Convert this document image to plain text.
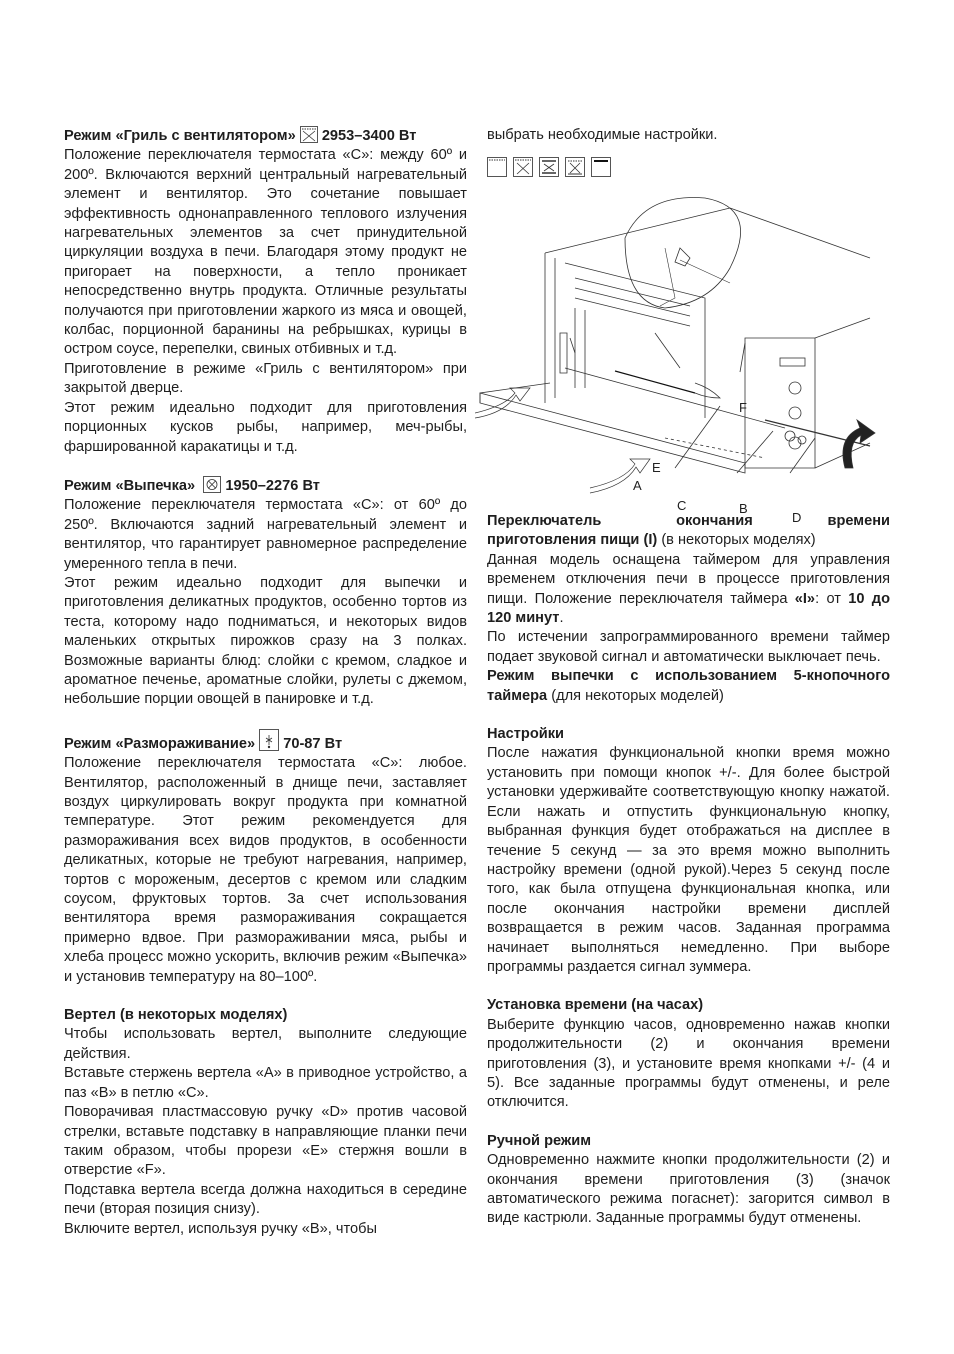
Режим «Гриль с вентилятором» 2953–3400 Вт

Положение переключателя термостата «C»: между 60º и 200º. Включаются верхний центральный нагревательный элемент и вентилятор. Это сочетание повышает эффективность однонаправленного теплового излучения нагревательных элементов за счет принудительной циркуляции воздуха в печи. Благодаря этому продукт не пригорает на поверхности, а тепло проникает непосредственно внутрь продукта. Отличные результаты получаются при приготовлении жаркого из мяса и овощей, колбас, порционной баранины на ребрышках, курицы в остром соусе, перепелки, свиных отбивных и т.д.

Приготовление в режиме «Гриль с вентилятором» при закрытой дверце.

Этот режим идеально подходит для приготовления порционных кусков рыбы, например, меч-рыбы, фаршированной каракатицы и т.д.

Режим «Выпечка» 1950–2276 Вт

Положение переключателя термостата «C»: от 60º до 250º. Включаются задний нагревательный элемент и вентилятор, что гарантирует равномерное распределение умеренного тепла в печи.

Этот режим идеально подходит для выпечки и приготовления деликатных продуктов, особенно тортов из теста, которому надо подниматься, и некоторых видов маленьких открытых пирожков сразу на 3 полках. Возможные варианты блюд: слойки с кремом, сладкое и ароматное печенье, ароматные слойки, рулеты с джемом, небольшие порции овощей в панировке и т.д.

Режим «Размораживание» 70-87 Вт

Положение переключателя термостата «C»: любое. Вентилятор, расположенный в днище печи, заставляет воздух циркулировать вокруг продукта при комнатной температуре. Этот режим рекомендуется для размораживания всех видов продуктов, в особенности деликатных, которые не требуют нагревания, например, тортов с мороженым, десертов с кремом или сладким соусом, фруктовых тортов. За счет использования вентилятора время размораживания сокращается примерно вдвое. При размораживании мяса, рыбы и хлеба процесс можно ускорить, включив режим «Выпечка» и установив температуру на 80–100º.

Вертел (в некоторых моделях)

Чтобы использовать вертел, выполните следующие действия.

Вставьте стержень вертела «A» в приводное устройство, а паз «B» в петлю «C».

Поворачивая пластмассовую ручку «D» против часовой стрелки, вставьте подставку в направляющие планки печи таким образом, чтобы прорези «E» стержня вошли в отверстие «F».

Подставка вертела всегда должна находиться в середине печи (вторая позиция снизу).

Включите вертел, используя ручку «B», чтобы

выбрать необходимые настройки.

F
E
A
C	B
D
Переключатель	окончания	времени
приготовления пищи (I) (в некоторых моделях)

Данная модель оснащена таймером для управления временем отключения печи в процессе приготовления пищи. Положение переключателя таймера «I»: от 10 до 120 минут.

По истечении запрограммированного времени таймер подает звуковой сигнал и автоматически выключает печь.

Режим выпечки с использованием 5-кнопочного таймера (для некоторых моделей)

Настройки

После нажатия функциональной кнопки время можно установить при помощи кнопок +/-. Для более быстрой установки удерживайте соответствующую кнопку нажатой. Если нажать и отпустить функциональную кнопку, выбранная функция будет отображаться на дисплее в течение 5 секунд — за это время можно выполнить настройку времени (одной рукой).Через 5 секунд после того, как была отпущена функциональная кнопка, или после окончания настройки времени дисплей возвращается в режим часов. Заданная программа начинает выполняться немедленно. При выборе программы раздается сигнал зуммера.

Установка времени (на часах)

Выберите функцию часов, одновременно нажав кнопки продолжительности (2) и окончания времени приготовления (3), и установите время кнопками +/- (4 и 5). Все заданные программы будут отменены, и реле отключится.

Ручной режим

Одновременно нажмите кнопки продолжительности (2) и окончания времени приготовления (3) (значок автоматического режима погаснет): загорится символ в виде кастрюли. Заданные программы будут отменены.
